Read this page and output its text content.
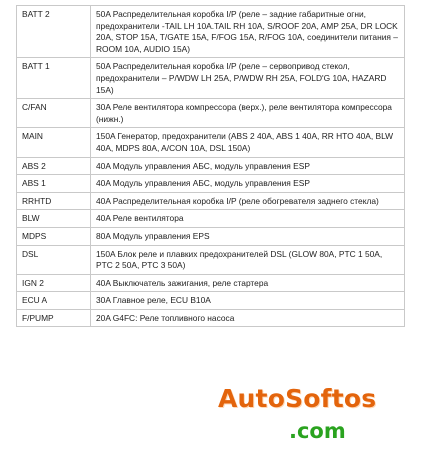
BATT 2	50A Распределительная коробка I/P (реле – задние габаритные огни, предохранители -TAIL LH 10A.TAIL RH 10A, S/ROOF 20A, AMP 25A, DR LOCK 20A, STOP 15A, T/GATE 15A, F/FOG 15A, R/FOG 10A, соединители питания – ROOM 10A, AUDIO 15A)
BATT 1	50A Распределительная коробка I/P (реле – сервопривод стекол, предохранители – P/WDW LH 25A, P/WDW RH 25A, FOLD'G 10A, HAZARD 15A)
C/FAN	30A Реле вентилятора компрессора (верх.), реле вентилятора компрессора (нижн.)
MAIN	150A Генератор, предохранители (ABS 2 40A, ABS 1 40A, RR HTO 40A, BLW 40A, MDPS 80A, A/CON 10A, DSL 150A)
ABS 2	40A Модуль управления АБС, модуль управления ESP
ABS 1	40A Модуль управления АБС, модуль управления ESP
RRHTD	40A Распределительная коробка I/P (реле обогревателя заднего стекла)
BLW	40A Реле вентилятора
MDPS	80A Модуль управления EPS
DSL	150A Блок реле и плавких предохранителей DSL (GLOW 80A, PTC 1 50A, PTC 2 50A, PTC 3 50A)
IGN 2	40A Выключатель зажигания, реле стартера
ECU A	30A Главное реле, ECU B10A
F/PUMP	20A G4FC: Реле топливного насоса
AutoSoftos
.com
